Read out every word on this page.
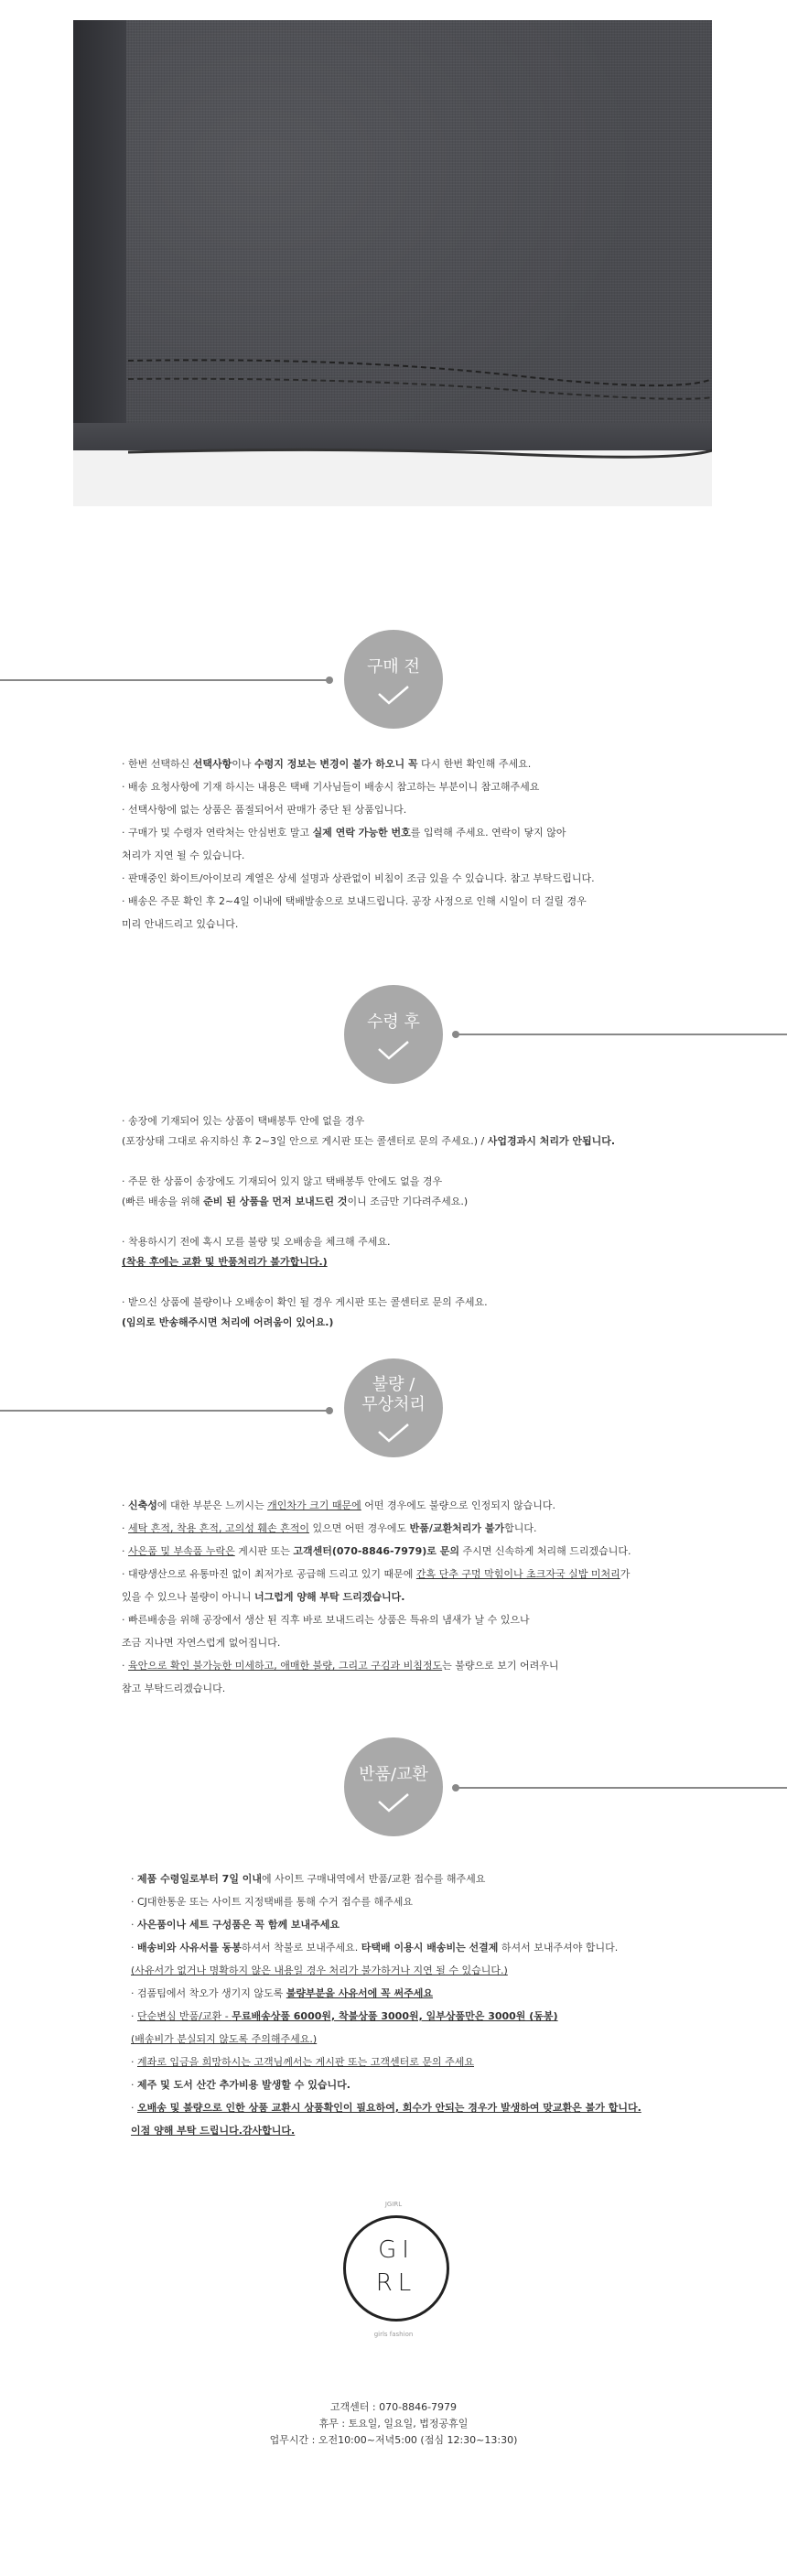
구매 전
· 한번 선택하신 선택사항이나 수령지 정보는 변경이 불가 하오니 꼭 다시 한번 확인해 주세요.
· 배송 요청사항에 기재 하시는 내용은 택배 기사님들이 배송시 참고하는 부분이니 참고해주세요
· 선택사항에 없는 상품은 품절되어서 판매가 중단 된 상품입니다.
· 구매가 및 수령자 연락처는 안심번호 말고 실제 연락 가능한 번호를 입력해 주세요. 연락이 닿지 않아
처리가 지연 될 수 있습니다.
· 판매중인 화이트/아이보리 계열은 상세 설명과 상관없이 비침이 조금 있을 수 있습니다. 참고 부탁드립니다.
· 배송은 주문 확인 후 2~4일 이내에 택배발송으로 보내드립니다. 공장 사정으로 인해 시일이 더 걸릴 경우
미리 안내드리고 있습니다.
수령 후
· 송장에 기재되어 있는 상품이 택배봉투 안에 없을 경우
(포장상태 그대로 유지하신 후 2~3일 안으로 게시판 또는 콜센터로 문의 주세요.) / 사업경과시 처리가 안됩니다.
· 주문 한 상품이 송장에도 기재되어 있지 않고 택배봉투 안에도 없을 경우
(빠른 배송을 위해 준비 된 상품을 먼저 보내드린 것이니 조금만 기다려주세요.)
· 착용하시기 전에 혹시 모를 불량 및 오배송을 체크해 주세요.
(착용 후에는 교환 및 반품처리가 불가합니다.)
· 받으신 상품에 불량이나 오배송이 확인 될 경우 게시판 또는 콜센터로 문의 주세요.
(임의로 반송해주시면 처리에 어려움이 있어요.)
불량 /
무상처리
· 신축성에 대한 부분은 느끼시는 개인차가 크기 때문에 어떤 경우에도 불량으로 인정되지 않습니다.
· 세탁 흔적, 착용 흔적, 고의성 훼손 흔적이 있으면 어떤 경우에도 반품/교환처리가 불가합니다.
· 사은품 및 부속품 누락은 게시판 또는 고객센터(070-8846-7979)로 문의 주시면 신속하게 처리해 드리겠습니다.
· 대량생산으로 유통마진 없이 최저가로 공급해 드리고 있기 때문에 간혹 단추 구멍 막힘이나 초크자국 실밥 미처리가
있을 수 있으나 불량이 아니니 너그럽게 양해 부탁 드리겠습니다.
· 빠른배송을 위해 공장에서 생산 된 직후 바로 보내드리는 상품은 특유의 냄새가 날 수 있으나
조금 지나면 자연스럽게 없어집니다.
· 육안으로 확인 불가능한 미세하고, 애매한 불량, 그리고 구김과 비침정도는 불량으로 보기 어려우니
참고 부탁드리겠습니다.
반품/교환
· 제품 수령일로부터 7일 이내에 사이트 구매내역에서 반품/교환 접수를 해주세요
· CJ대한통운 또는 사이트 지정택배를 통해 수거 접수를 해주세요
· 사은품이나 세트 구성품은 꼭 함께 보내주세요
· 배송비와 사유서를 동봉하셔서 착불로 보내주세요. 타택배 이용시 배송비는 선결제 하셔서 보내주셔야 합니다.
(사유서가 없거나 명확하지 않은 내용일 경우 처리가 불가하거나 지연 될 수 있습니다.)
· 검품팀에서 착오가 생기지 않도록 불량부분을 사유서에 꼭 써주세요
· 단순변심 반품/교환 - 무료배송상품 6000원, 착불상품 3000원, 일부상품만은 3000원 (동봉)
(배송비가 분실되지 않도록 주의해주세요.)
· 계좌로 입금을 희망하시는 고객님께서는 게시판 또는 고객센터로 문의 주세요
· 제주 및 도서 산간 추가비용 발생할 수 있습니다.
· 오배송 및 불량으로 인한 상품 교환시 상품확인이 필요하여, 회수가 안되는 경우가 발생하여 맞교환은 불가 합니다.
이점 양해 부탁 드립니다.감사합니다.
JGIRL
GI
RL
girls fashion
고객센터 : 070-8846-7979
휴무 : 토요일, 일요일, 법정공휴일
업무시간 : 오전10:00~저녁5:00 (점심 12:30~13:30)
